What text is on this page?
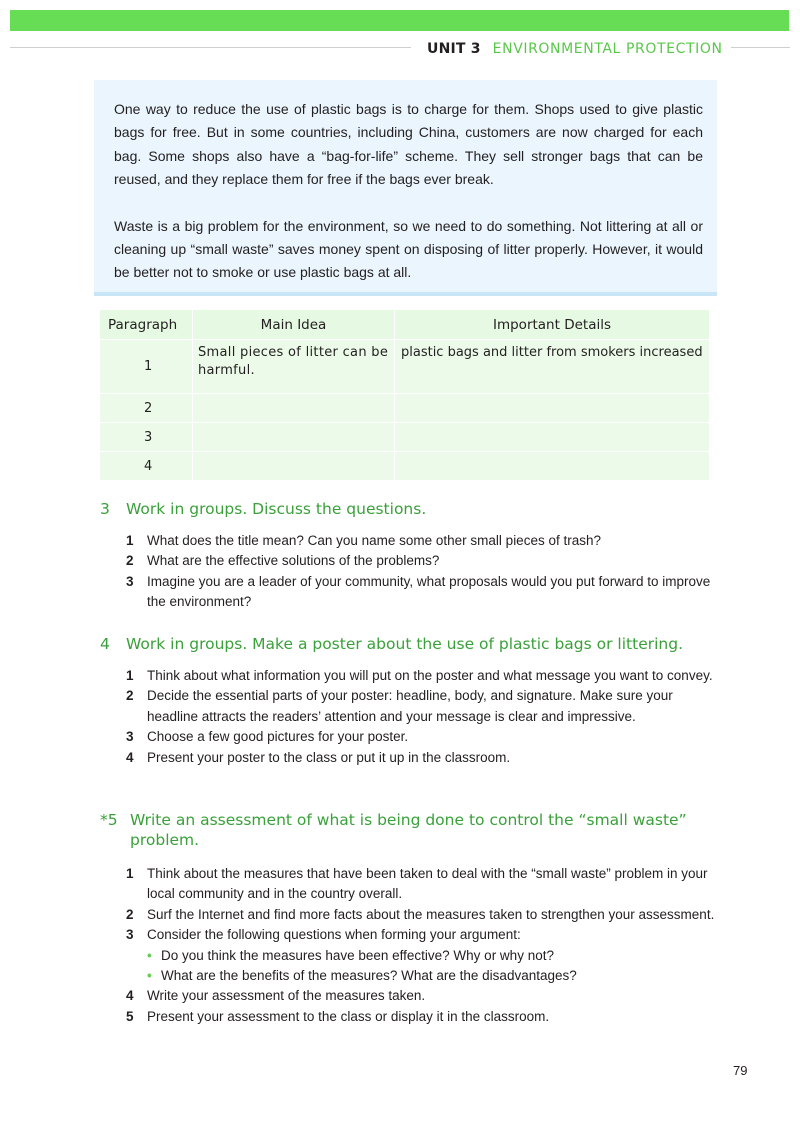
UNIT 3 ENVIRONMENTAL PROTECTION

One way to reduce the use of plastic bags is to charge for them. Shops used to give plastic bags for free. But in some countries, including China, customers are now charged for each bag. Some shops also have a “bag-for-life” scheme. They sell stronger bags that can be reused, and they replace them for free if the bags ever break.

Waste is a big problem for the environment, so we need to do something. Not littering at all or cleaning up “small waste” saves money spent on disposing of litter properly. However, it would be better not to smoke or use plastic bags at all.

Paragraph	Main Idea	Important Details
1	Small pieces of litter can be harmful.	plastic bags and litter from smokers increased
2		
3		
4		
3	Work in groups. Discuss the questions.
1 What does the title mean? Can you name some other small pieces of trash?
2 What are the effective solutions of the problems?
3 Imagine you are a leader of your community, what proposals would you put forward to improve the environment?
4	Work in groups. Make a poster about the use of plastic bags or littering.
1 Think about what information you will put on the poster and what message you want to convey.
2 Decide the essential parts of your poster: headline, body, and signature. Make sure your headline attracts the readers’ attention and your message is clear and impressive.
3 Choose a few good pictures for your poster.
4 Present your poster to the class or put it up in the classroom.
*5 Write an assessment of what is being done to control the “small waste” problem.
1 Think about the measures that have been taken to deal with the “small waste” problem in your local community and in the country overall.
2 Surf the Internet and find more facts about the measures taken to strengthen your assessment.
3 Consider the following questions when forming your argument:
• Do you think the measures have been effective? Why or why not?
• What are the benefits of the measures? What are the disadvantages?
4 Write your assessment of the measures taken.
5 Present your assessment to the class or display it in the classroom.
79
